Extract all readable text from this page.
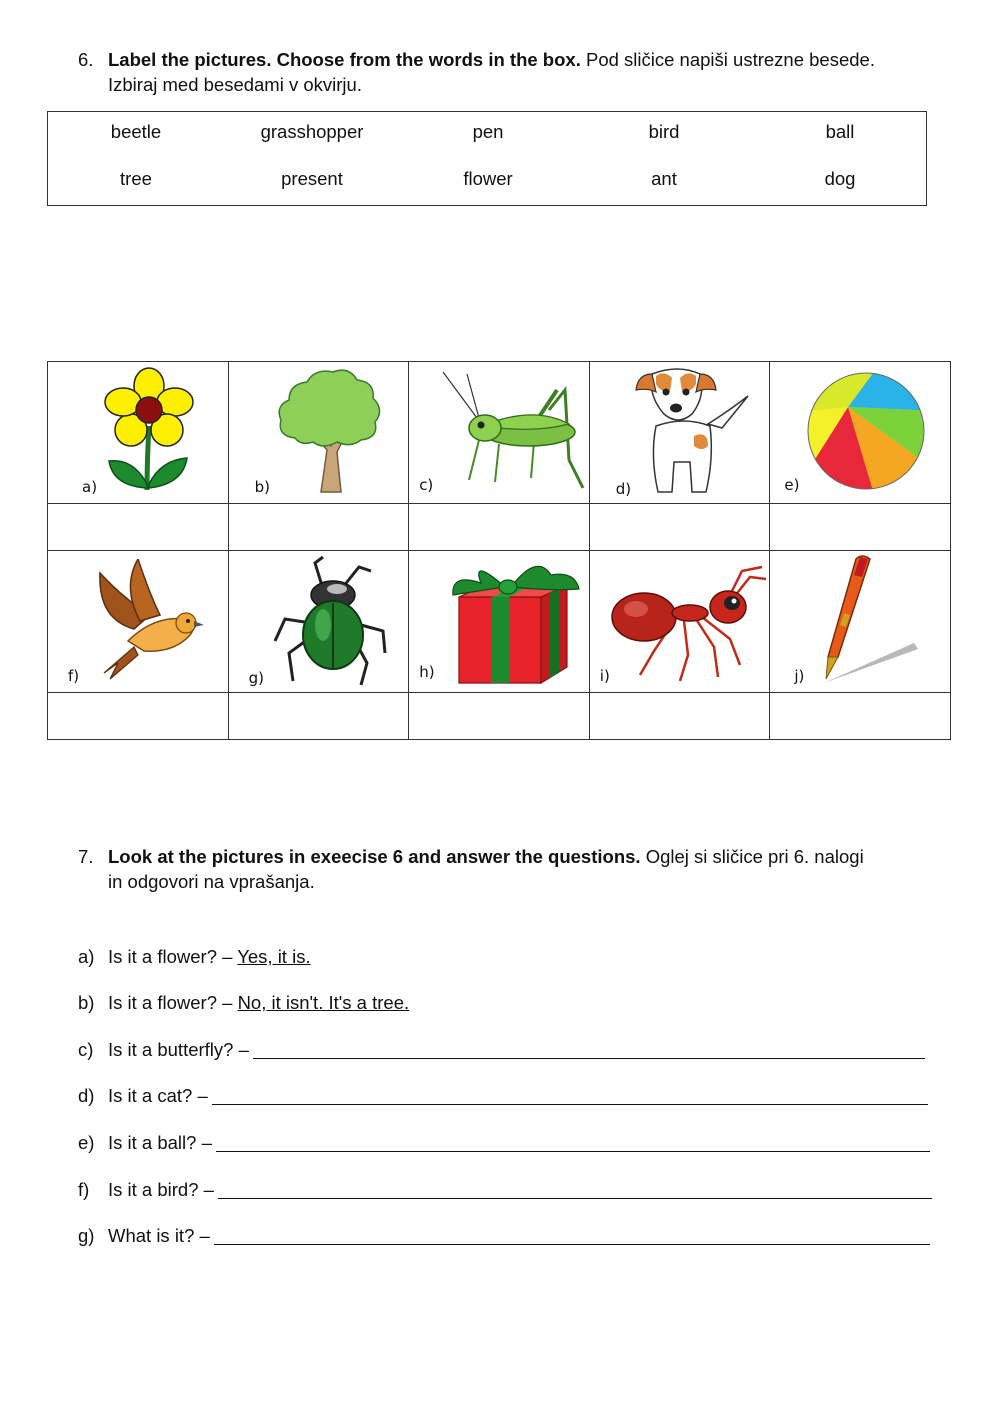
6. Label the pictures. Choose from the words in the box. Pod sličice napiši ustrezne besede.
Izbiraj med besedami v okvirju.
beetle	grasshopper	pen	bird	ball
tree	present	flower	ant	dog
a)	b)	c)	d)	e)

f)	g)	h)	i)	j)

7. Look at the pictures in exeecise 6 and answer the questions. Oglej si sličice pri 6. nalogi
in odgovori na vprašanja.
a) Is it a flower? – Yes, it is.
b) Is it a flower? – No, it isn't. It's a tree.
c) Is it a butterfly? –
d) Is it a cat? –
e) Is it a ball? –
f) Is it a bird? –
g) What is it? –
